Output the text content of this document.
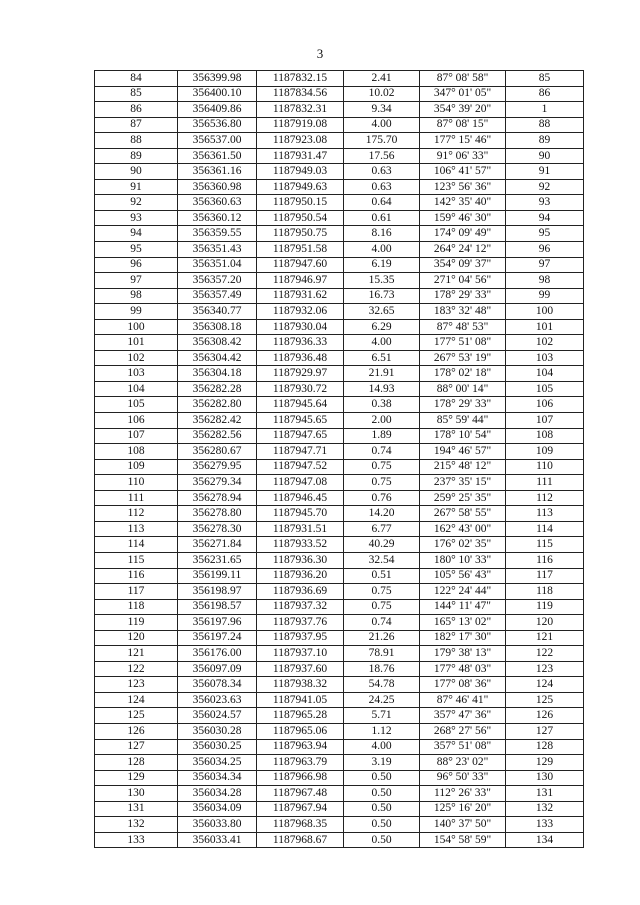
3
84	356399.98	1187832.15	2.41	87° 08' 58"	85
85	356400.10	1187834.56	10.02	347° 01' 05"	86
86	356409.86	1187832.31	9.34	354° 39' 20"	1
87	356536.80	1187919.08	4.00	87° 08' 15"	88
88	356537.00	1187923.08	175.70	177° 15' 46"	89
89	356361.50	1187931.47	17.56	91° 06' 33"	90
90	356361.16	1187949.03	0.63	106° 41' 57"	91
91	356360.98	1187949.63	0.63	123° 56' 36"	92
92	356360.63	1187950.15	0.64	142° 35' 40"	93
93	356360.12	1187950.54	0.61	159° 46' 30"	94
94	356359.55	1187950.75	8.16	174° 09' 49"	95
95	356351.43	1187951.58	4.00	264° 24' 12"	96
96	356351.04	1187947.60	6.19	354° 09' 37"	97
97	356357.20	1187946.97	15.35	271° 04' 56"	98
98	356357.49	1187931.62	16.73	178° 29' 33"	99
99	356340.77	1187932.06	32.65	183° 32' 48"	100
100	356308.18	1187930.04	6.29	87° 48' 53"	101
101	356308.42	1187936.33	4.00	177° 51' 08"	102
102	356304.42	1187936.48	6.51	267° 53' 19"	103
103	356304.18	1187929.97	21.91	178° 02' 18"	104
104	356282.28	1187930.72	14.93	88° 00' 14"	105
105	356282.80	1187945.64	0.38	178° 29' 33"	106
106	356282.42	1187945.65	2.00	85° 59' 44"	107
107	356282.56	1187947.65	1.89	178° 10' 54"	108
108	356280.67	1187947.71	0.74	194° 46' 57"	109
109	356279.95	1187947.52	0.75	215° 48' 12"	110
110	356279.34	1187947.08	0.75	237° 35' 15"	111
111	356278.94	1187946.45	0.76	259° 25' 35"	112
112	356278.80	1187945.70	14.20	267° 58' 55"	113
113	356278.30	1187931.51	6.77	162° 43' 00"	114
114	356271.84	1187933.52	40.29	176° 02' 35"	115
115	356231.65	1187936.30	32.54	180° 10' 33"	116
116	356199.11	1187936.20	0.51	105° 56' 43"	117
117	356198.97	1187936.69	0.75	122° 24' 44"	118
118	356198.57	1187937.32	0.75	144° 11' 47"	119
119	356197.96	1187937.76	0.74	165° 13' 02"	120
120	356197.24	1187937.95	21.26	182° 17' 30"	121
121	356176.00	1187937.10	78.91	179° 38' 13"	122
122	356097.09	1187937.60	18.76	177° 48' 03"	123
123	356078.34	1187938.32	54.78	177° 08' 36"	124
124	356023.63	1187941.05	24.25	87° 46' 41"	125
125	356024.57	1187965.28	5.71	357° 47' 36"	126
126	356030.28	1187965.06	1.12	268° 27' 56"	127
127	356030.25	1187963.94	4.00	357° 51' 08"	128
128	356034.25	1187963.79	3.19	88° 23' 02"	129
129	356034.34	1187966.98	0.50	96° 50' 33"	130
130	356034.28	1187967.48	0.50	112° 26' 33"	131
131	356034.09	1187967.94	0.50	125° 16' 20"	132
132	356033.80	1187968.35	0.50	140° 37' 50"	133
133	356033.41	1187968.67	0.50	154° 58' 59"	134
